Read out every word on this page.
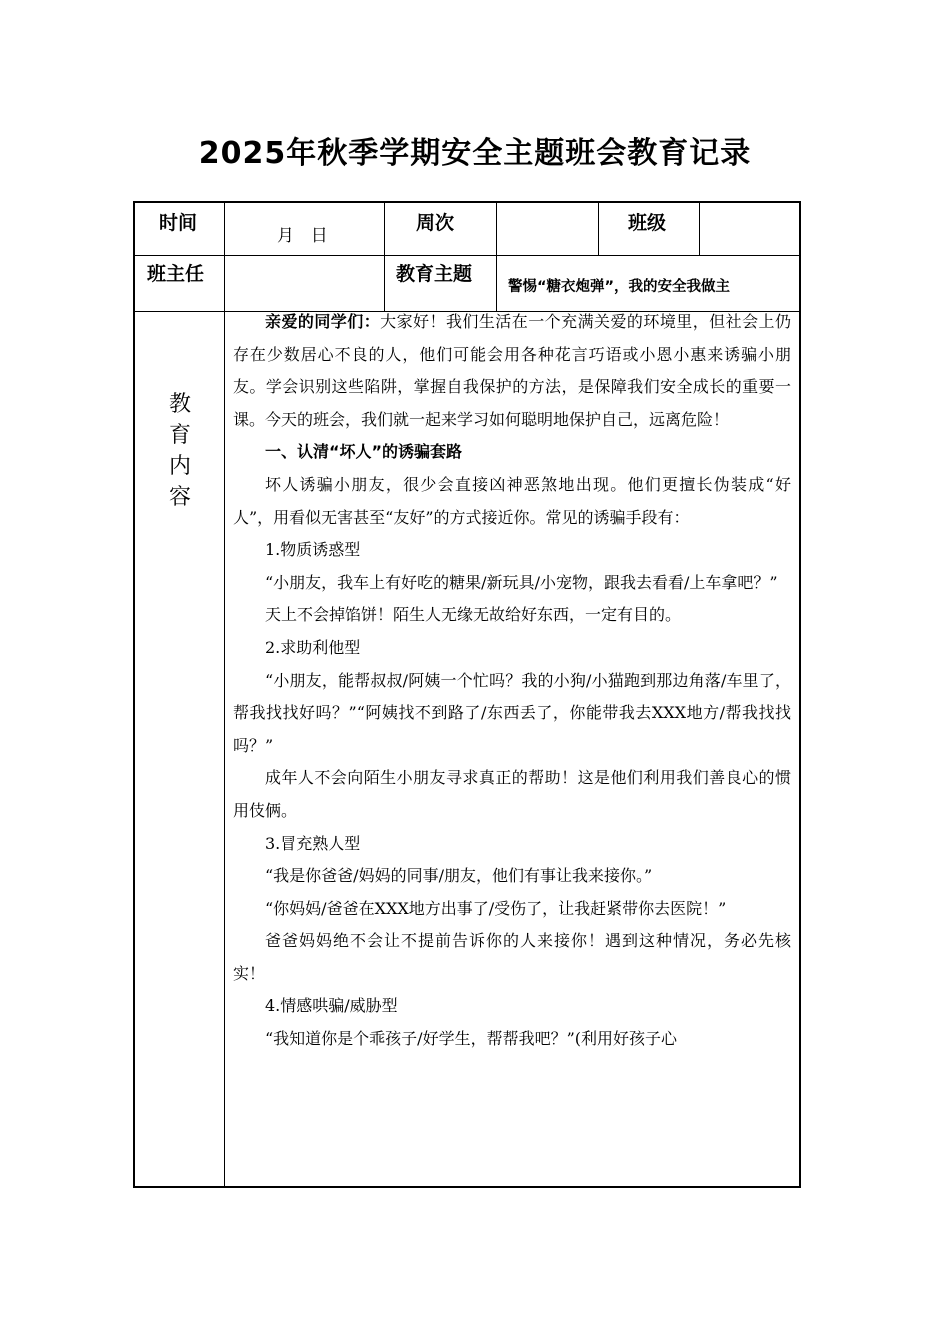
2025年秋季学期安全主题班会教育记录
时间
月  日
周次	班级
班主任	教育主题
警惕“糖衣炮弹”，我的安全我做主
教
育
内
容

亲爱的同学们：大家好！我们生活在一个充满关爱的环境里，但社会上仍存在少数居心不良的人，他们可能会用各种花言巧语或小恩小惠来诱骗小朋友。学会识别这些陷阱，掌握自我保护的方法，是保障我们安全成长的重要一课。今天的班会，我们就一起来学习如何聪明地保护自己，远离危险！

一、认清“坏人”的诱骗套路

坏人诱骗小朋友，很少会直接凶神恶煞地出现。他们更擅长伪装成“好人”，用看似无害甚至“友好”的方式接近你。常见的诱骗手段有：

1.物质诱惑型

“小朋友，我车上有好吃的糖果/新玩具/小宠物，跟我去看看/上车拿吧？”

天上不会掉馅饼！陌生人无缘无故给好东西，一定有目的。

2.求助利他型

“小朋友，能帮叔叔/阿姨一个忙吗？我的小狗/小猫跑到那边角落/车里了，帮我找找好吗？”“阿姨找不到路了/东西丢了，你能带我去XXX地方/帮我找找吗？”

成年人不会向陌生小朋友寻求真正的帮助！这是他们利用我们善良心的惯用伎俩。

3.冒充熟人型

“我是你爸爸/妈妈的同事/朋友，他们有事让我来接你。”

“你妈妈/爸爸在XXX地方出事了/受伤了，让我赶紧带你去医院！”

爸爸妈妈绝不会让不提前告诉你的人来接你！遇到这种情况，务必先核实！

4.情感哄骗/威胁型

“我知道你是个乖孩子/好学生，帮帮我吧？”(利用好孩子心
